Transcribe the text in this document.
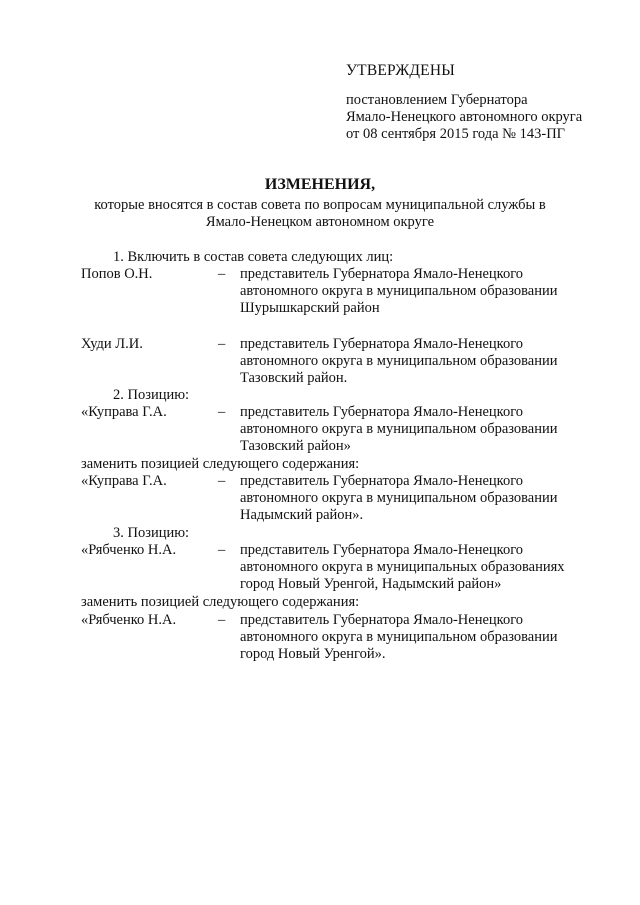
УТВЕРЖДЕНЫ
постановлением Губернатора
Ямало-Ненецкого автономного округа
от 08 сентября 2015 года № 143-ПГ
ИЗМЕНЕНИЯ,
которые вносятся в состав совета по вопросам муниципальной службы в
Ямало-Ненецком автономном округе
1. Включить в состав совета следующих лиц:
Попов О.Н.	– представитель Губернатора Ямало-Ненецкого
автономного округа в муниципальном образовании
Шурышкарский район
Худи Л.И.	– представитель Губернатора Ямало-Ненецкого
автономного округа в муниципальном образовании
Тазовский район.
2. Позицию:
«Куправа Г.А.	– представитель Губернатора Ямало-Ненецкого
автономного округа в муниципальном образовании
Тазовский район»
заменить позицией следующего содержания:
«Куправа Г.А.	– представитель Губернатора Ямало-Ненецкого
автономного округа в муниципальном образовании
Надымский район».
3. Позицию:
«Рябченко Н.А.	– представитель Губернатора Ямало-Ненецкого
автономного округа в муниципальных образованиях
город Новый Уренгой, Надымский район»
заменить позицией следующего содержания:
«Рябченко Н.А.	– представитель Губернатора Ямало-Ненецкого
автономного округа в муниципальном образовании
город Новый Уренгой».
